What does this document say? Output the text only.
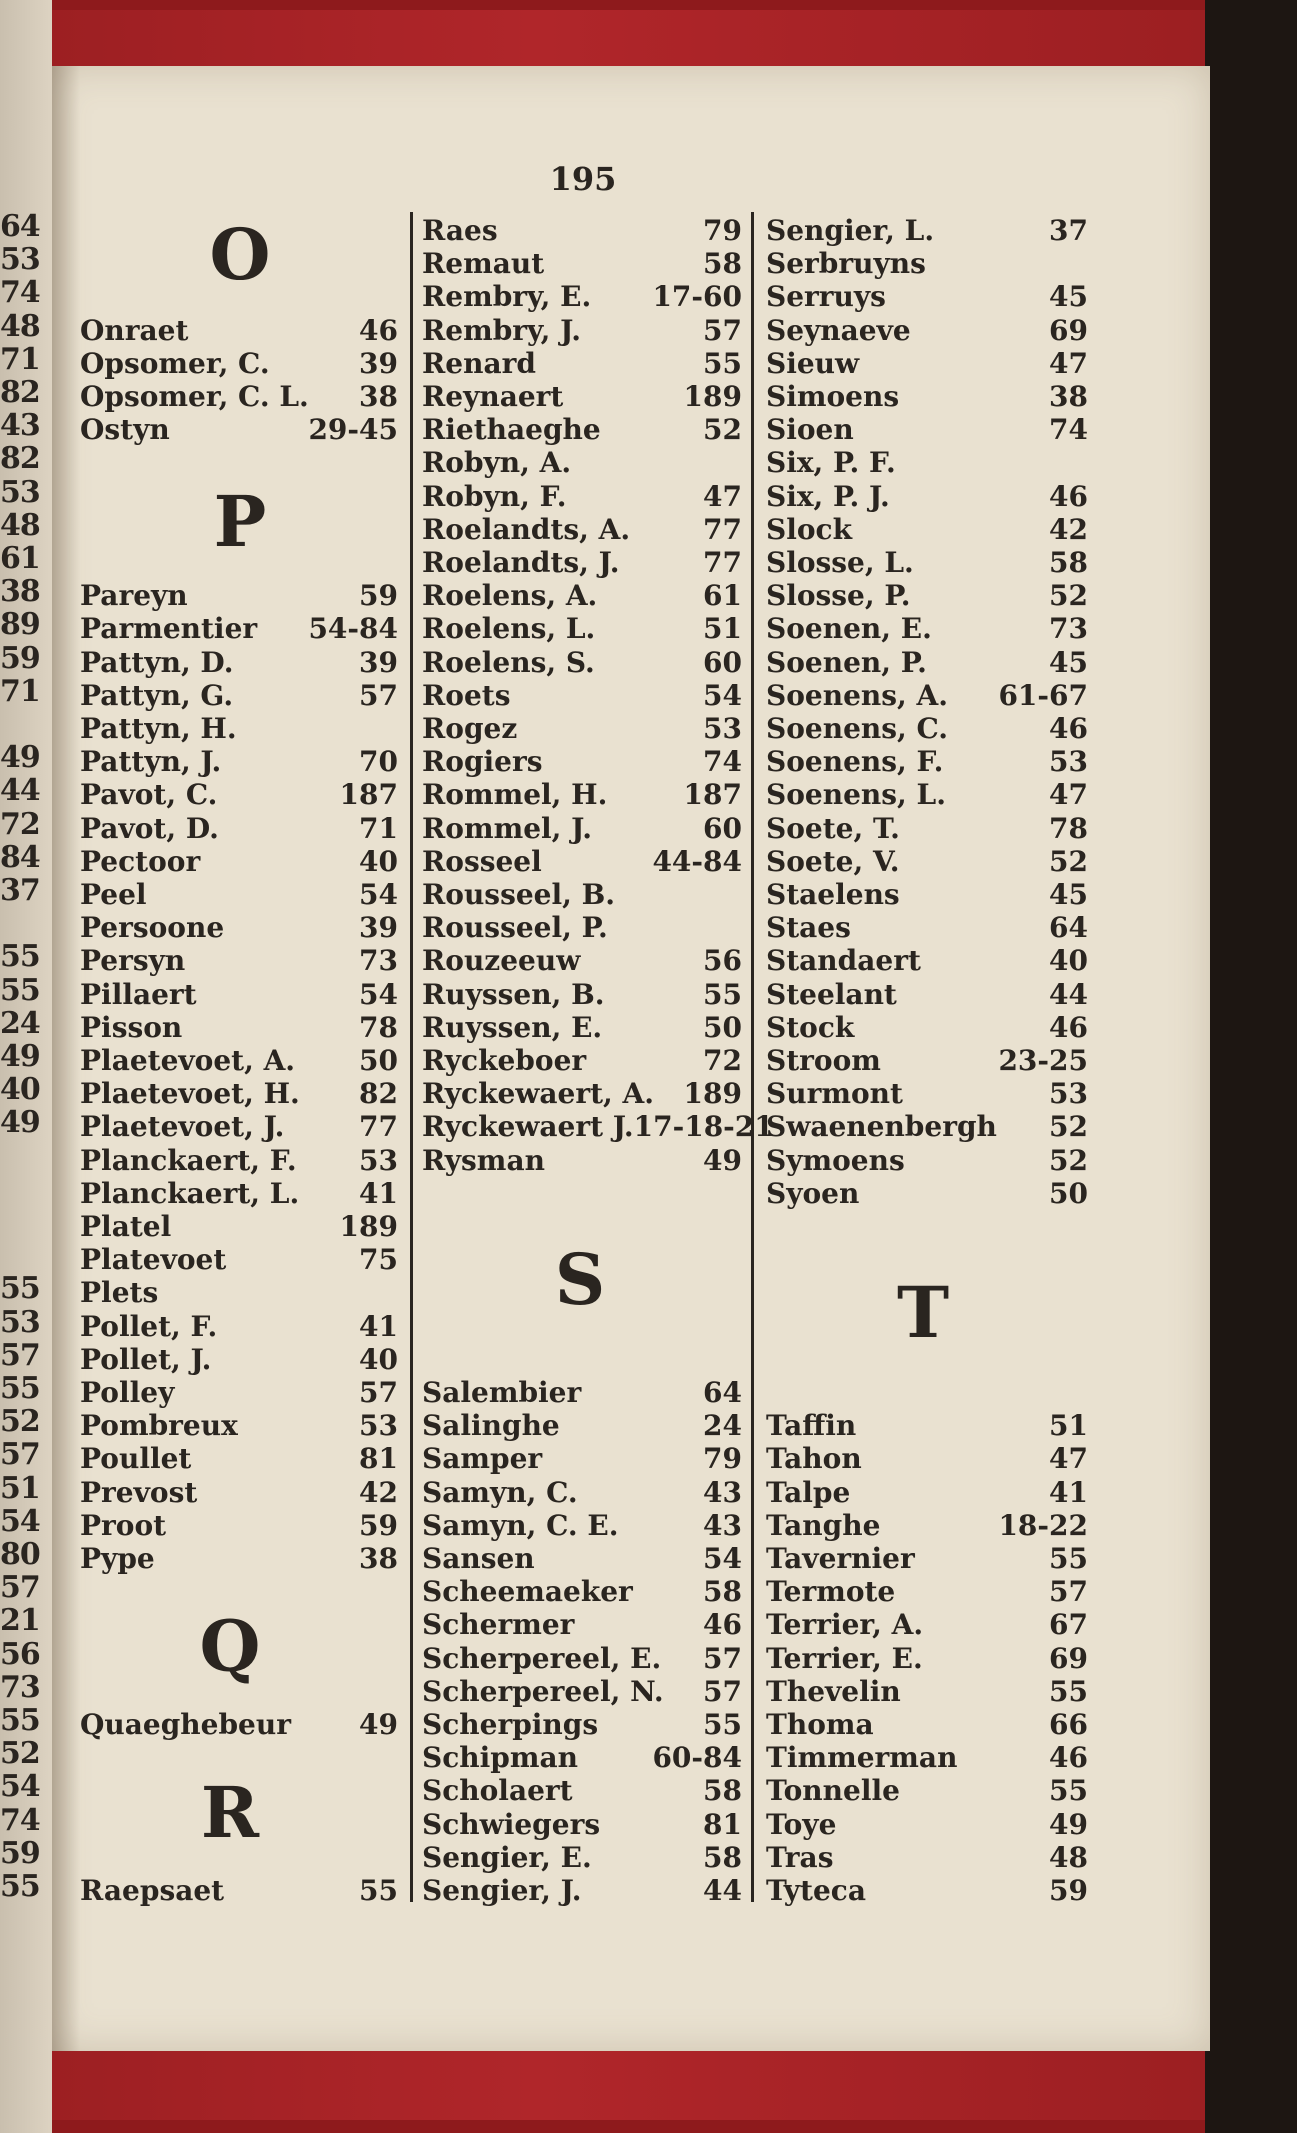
64
53
74
48
71
82
43
82
53
48
61
38
89
59
71
49
44
72
84
37
55
55
24
49
40
49
55
53
57
55
52
57
51
54
80
57
21
56
73
55
52
54
74
59
55
195
O
P
Q
R
Onraet	46
Opsomer, C.	39
Opsomer, C. L.	38
Ostyn	29-45
Pareyn	59
Parmentier	54-84
Pattyn, D.	39
Pattyn, G.	57
Pattyn, H.
Pattyn, J.	70
Pavot, C.	187
Pavot, D.	71
Pectoor	40
Peel	54
Persoone	39
Persyn	73
Pillaert	54
Pisson	78
Plaetevoet, A.	50
Plaetevoet, H.	82
Plaetevoet, J.	77
Planckaert, F.	53
Planckaert, L.	41
Platel	189
Platevoet	75
Plets
Pollet, F.	41
Pollet, J.	40
Polley	57
Pombreux	53
Poullet	81
Prevost	42
Proot	59
Pype	38
Quaeghebeur	49
Raepsaet	55
S
Raes	79
Remaut	58
Rembry, E.	17-60
Rembry, J.	57
Renard	55
Reynaert	189
Riethaeghe	52
Robyn, A.
Robyn, F.	47
Roelandts, A.	77
Roelandts, J.	77
Roelens, A.	61
Roelens, L.	51
Roelens, S.	60
Roets	54
Rogez	53
Rogiers	74
Rommel, H.	187
Rommel, J.	60
Rosseel	44-84
Rousseel, B.
Rousseel, P.
Rouzeeuw	56
Ruyssen, B.	55
Ruyssen, E.	50
Ryckeboer	72
Ryckewaert, A.	189
Ryckewaert J.17-18-21
Rysman	49
Salembier	64
Salinghe	24
Samper	79
Samyn, C.	43
Samyn, C. E.	43
Sansen	54
Scheemaeker	58
Schermer	46
Scherpereel, E.	57
Scherpereel, N.	57
Scherpings	55
Schipman	60-84
Scholaert	58
Schwiegers	81
Sengier, E.	58
Sengier, J.	44
T
Sengier, L.	37
Serbruyns
Serruys	45
Seynaeve	69
Sieuw	47
Simoens	38
Sioen	74
Six, P. F.
Six, P. J.	46
Slock	42
Slosse, L.	58
Slosse, P.	52
Soenen, E.	73
Soenen, P.	45
Soenens, A.	61-67
Soenens, C.	46
Soenens, F.	53
Soenens, L.	47
Soete, T.	78
Soete, V.	52
Staelens	45
Staes	64
Standaert	40
Steelant	44
Stock	46
Stroom	23-25
Surmont	53
Swaenenbergh	52
Symoens	52
Syoen	50
Taffin	51
Tahon	47
Talpe	41
Tanghe	18-22
Tavernier	55
Termote	57
Terrier, A.	67
Terrier, E.	69
Thevelin	55
Thoma	66
Timmerman	46
Tonnelle	55
Toye	49
Tras	48
Tyteca	59
